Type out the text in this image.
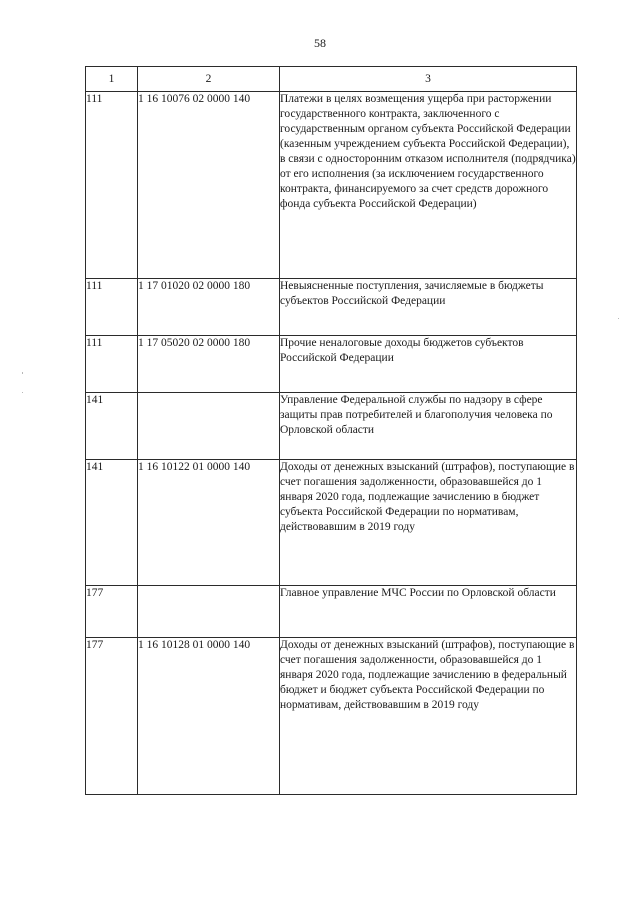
58
1	2	3
111	1 16 10076 02 0000 140	Платежи в целях возмещения ущерба при расторжении государственного контракта, заключенного с государственным органом субъекта Российской Федерации (казенным учреждением субъекта Российской Федерации), в связи с односторонним отказом исполнителя (подрядчика) от его исполнения (за исключением государственного контракта, финансируемого за счет средств дорожного фонда субъекта Российской Федерации)
111	1 17 01020 02 0000 180	Невыясненные поступления, зачисляемые в бюджеты субъектов Российской Федерации
111	1 17 05020 02 0000 180	Прочие неналоговые доходы бюджетов субъектов Российской Федерации
141		Управление Федеральной службы по надзору в сфере защиты прав потребителей и благополучия человека по Орловской области
141	1 16 10122 01 0000 140	Доходы от денежных взысканий (штрафов), поступающие в счет погашения задолженности, образовавшейся до 1 января 2020 года, подлежащие зачислению в бюджет субъекта Российской Федерации по нормативам, действовавшим в 2019 году
177		Главное управление МЧС России по Орловской области
177	1 16 10128 01 0000 140	Доходы от денежных взысканий (штрафов), поступающие в счет погашения задолженности, образовавшейся до 1 января 2020 года, подлежащие зачислению в федеральный бюджет и бюджет субъекта Российской Федерации по нормативам, действовавшим в 2019 году
